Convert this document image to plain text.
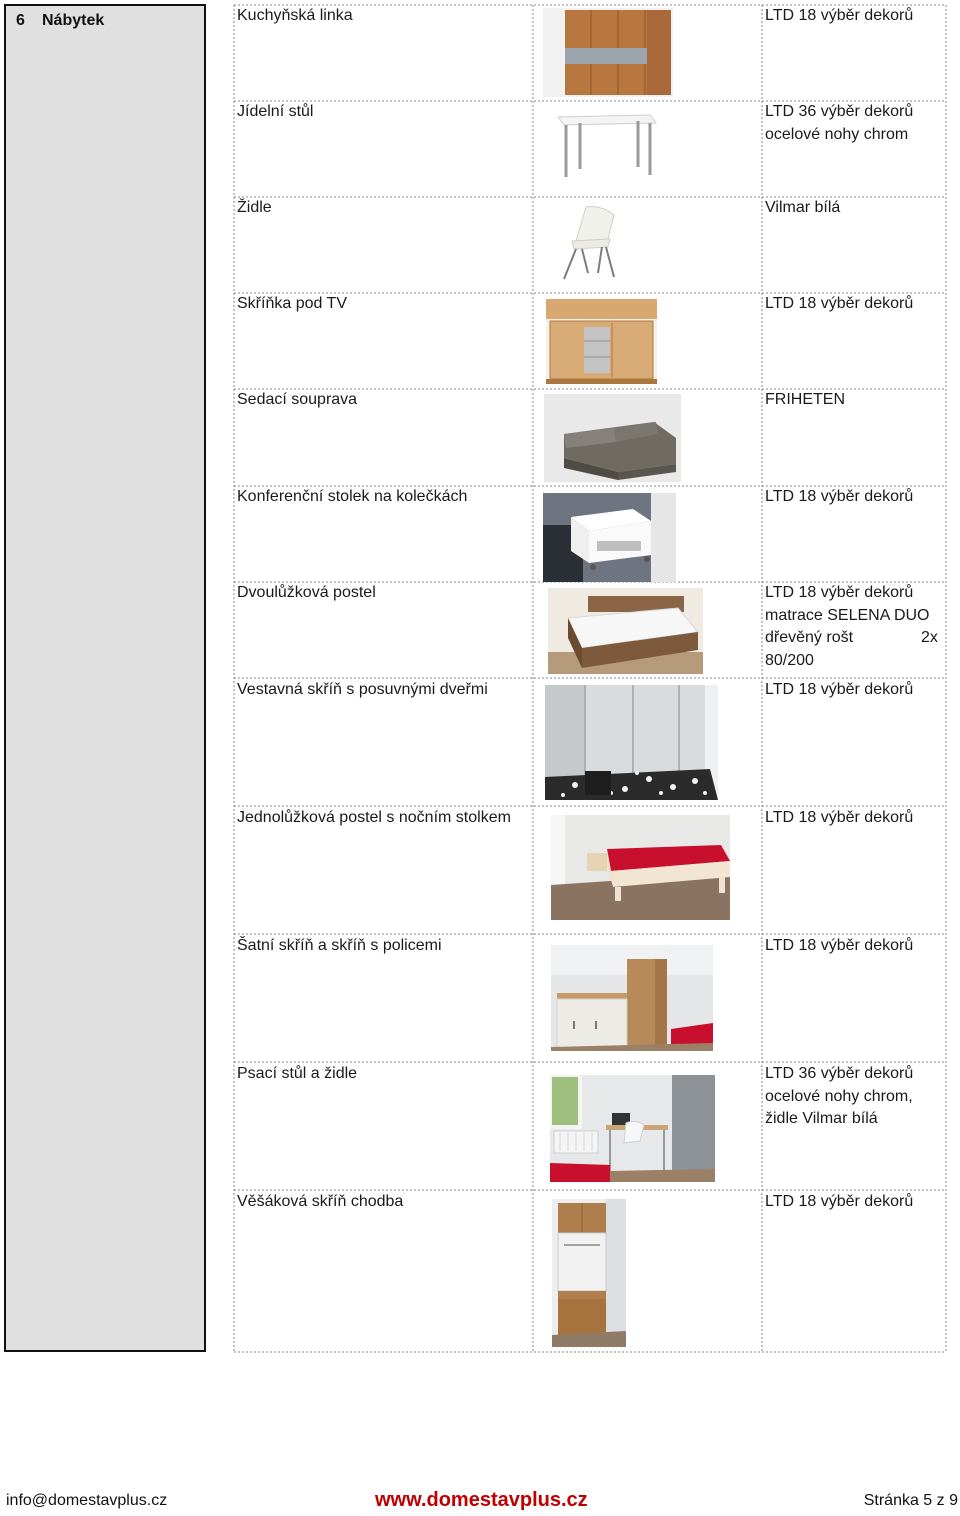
6 Nábytek	Kuchyňská linka	LTD 18 výběr dekorů
Jídelní stůl	LTD 36 výběr dekorů
ocelové nohy chrom
Židle	Vilmar bílá
Skříňka pod TV	LTD 18 výběr dekorů
Sedací souprava	FRIHETEN
Konferenční stolek na kolečkách	LTD 18 výběr dekorů
Dvoulůžková postel	LTD 18 výběr dekorů
matrace SELENA DUO
dřevěný rošt	2x
80/200
Vestavná skříň s posuvnými dveřmi	LTD 18 výběr dekorů
Jednolůžková postel s nočním stolkem	LTD 18 výběr dekorů
Šatní skříň a skříň s policemi	LTD 18 výběr dekorů
Psací stůl a židle	LTD 36 výběr dekorů
ocelové nohy chrom,
židle Vilmar bílá
Věšáková skříň chodba	LTD 18 výběr dekorů
info@domestavplus.cz	www.domestavplus.cz	Stránka 5 z 9
